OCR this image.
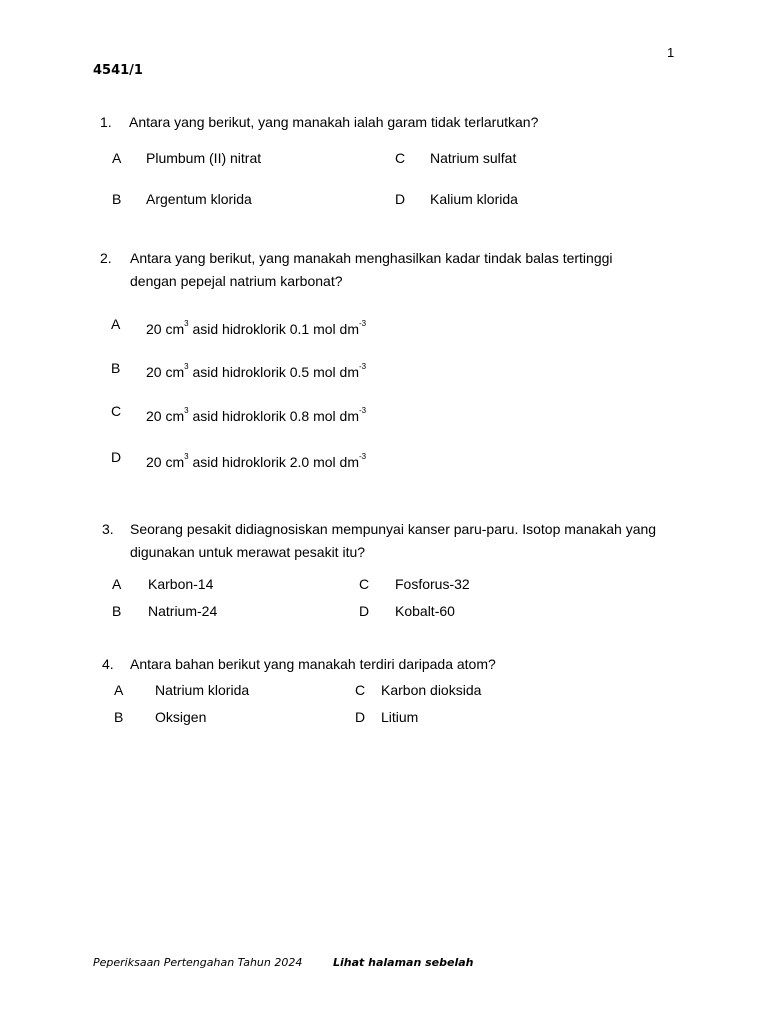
1
4541/1
1. Antara yang berikut, yang manakah ialah garam tidak terlarutkan?
A Plumbum (II) nitrat	C Natrium sulfat
B Argentum klorida	D Kalium klorida
2. Antara yang berikut, yang manakah menghasilkan kadar tindak balas tertinggi
dengan pepejal natrium karbonat?
A 20 $cm^3$ asid hidroklorik 0.1 mol $dm^{-3}$
B 20 $cm^3$ asid hidroklorik 0.5 mol $dm^{-3}$
C 20 $cm^3$ asid hidroklorik 0.8 mol $dm^{-3}$
D 20 $cm^3$ asid hidroklorik 2.0 mol $dm^{-3}$
3. Seorang pesakit didiagnosiskan mempunyai kanser paru-paru. Isotop manakah yang
digunakan untuk merawat pesakit itu?
A Karbon-14	C Fosforus-32
B Natrium-24	D Kobalt-60
4. Antara bahan berikut yang manakah terdiri daripada atom?
A Natrium klorida	C Karbon dioksida
B Oksigen	D Litium
Peperiksaan Pertengahan Tahun 2024	Lihat halaman sebelah
